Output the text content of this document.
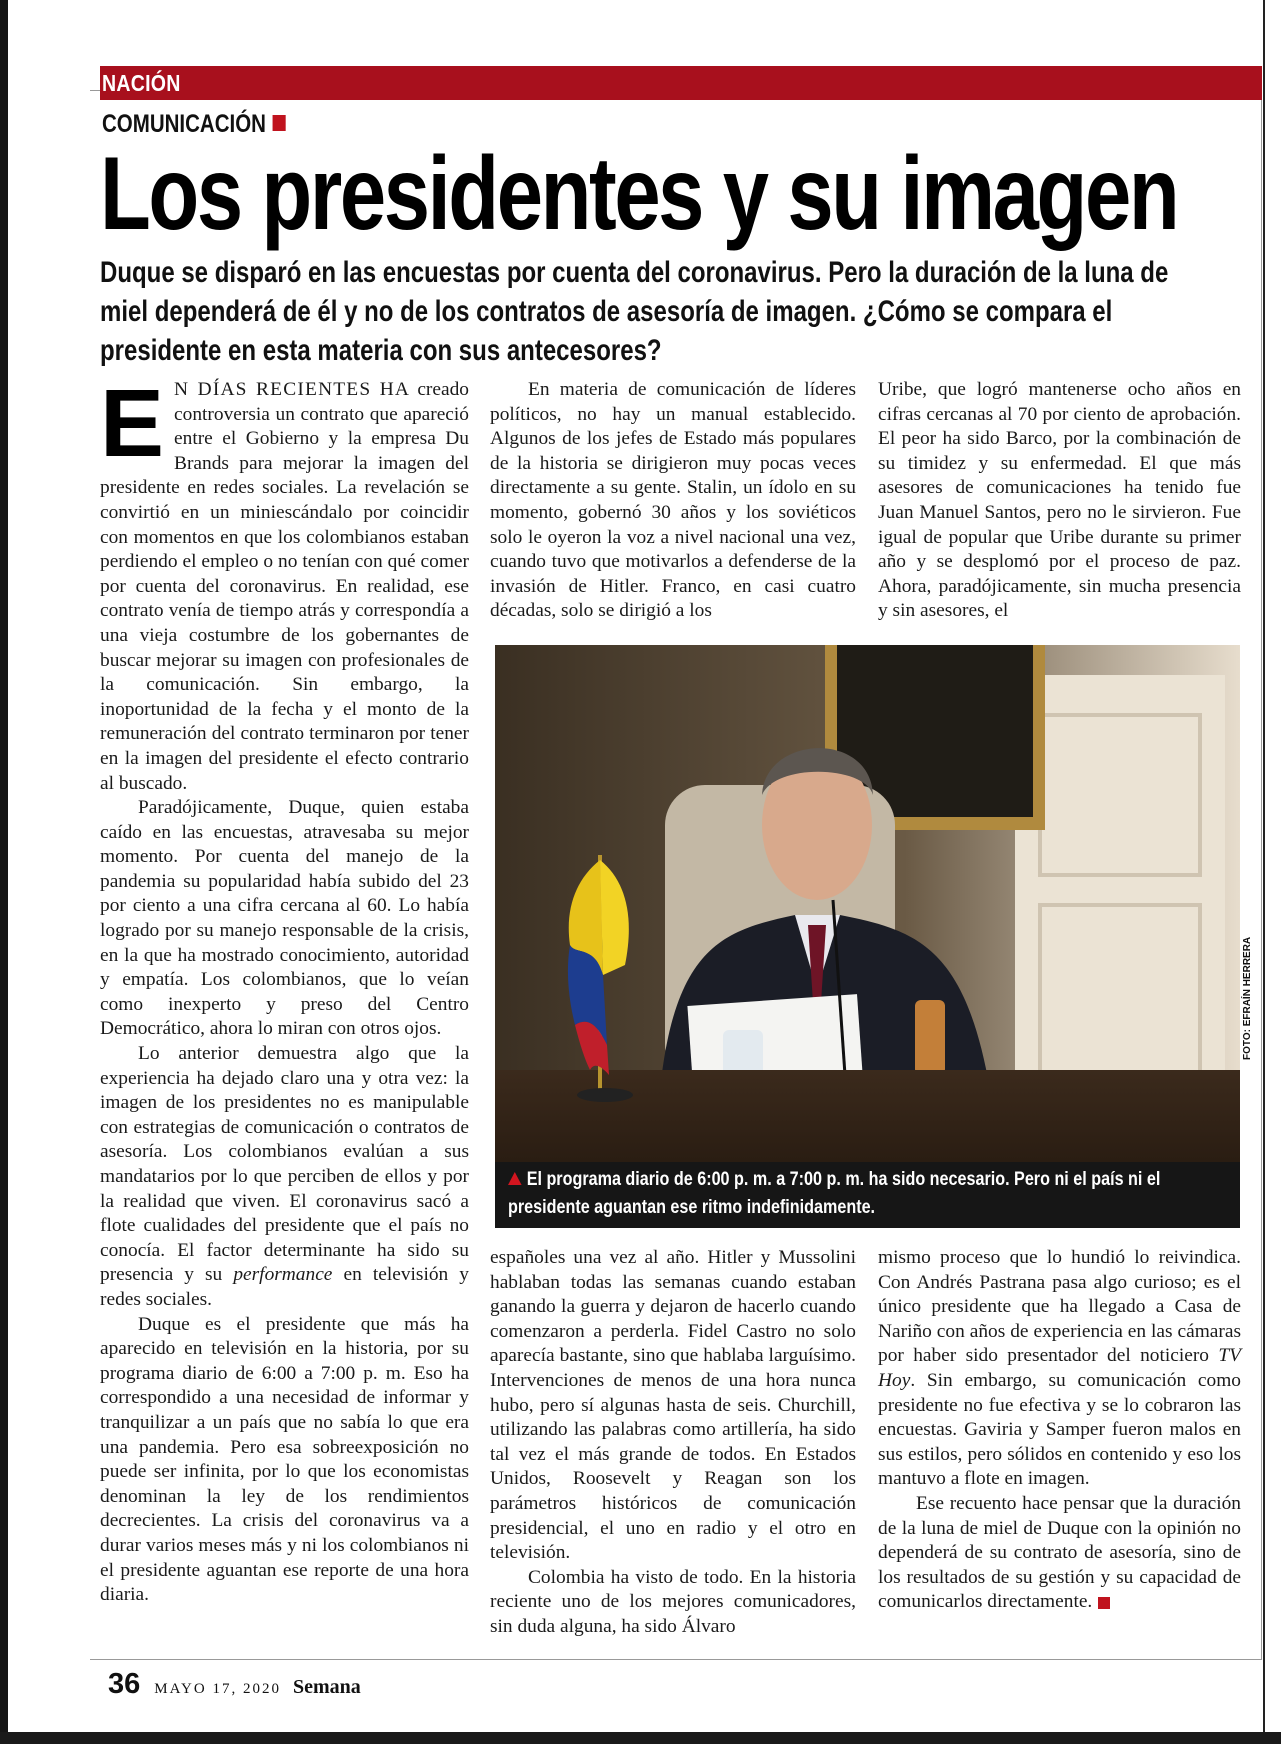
NACIÓN
COMUNICACIÓN
Los presidentes y su imagen
Duque se disparó en las encuestas por cuenta del coronavirus. Pero la duración de la luna de miel dependerá de él y no de los contratos de asesoría de imagen. ¿Cómo se compara el presidente en esta materia con sus antecesores?

E N DÍAS RECIENTES HA creado controversia un contrato que apareció entre el Gobierno y la empresa Du Brands para mejorar la imagen del presidente en redes sociales. La revelación se convirtió en un miniescándalo por coincidir con momentos en que los colombianos estaban perdiendo el empleo o no tenían con qué comer por cuenta del coronavirus. En realidad, ese contrato venía de tiempo atrás y correspondía a una vieja costumbre de los gobernantes de buscar mejorar su imagen con profesionales de la comunicación. Sin embargo, la inoportunidad de la fecha y el monto de la remuneración del contrato terminaron por tener en la imagen del presidente el efecto contrario al buscado.

Paradójicamente, Duque, quien estaba caído en las encuestas, atravesaba su mejor momento. Por cuenta del manejo de la pandemia su popularidad había subido del 23 por ciento a una cifra cercana al 60. Lo había logrado por su manejo responsable de la crisis, en la que ha mostrado conocimiento, autoridad y empatía. Los colombianos, que lo veían como inexperto y preso del Centro Democrático, ahora lo miran con otros ojos.

Lo anterior demuestra algo que la experiencia ha dejado claro una y otra vez: la imagen de los presidentes no es manipulable con estrategias de comunicación o contratos de asesoría. Los colombianos evalúan a sus mandatarios por lo que perciben de ellos y por la realidad que viven. El coronavirus sacó a flote cualidades del presidente que el país no conocía. El factor determinante ha sido su presencia y su performance en televisión y redes sociales.

Duque es el presidente que más ha aparecido en televisión en la historia, por su programa diario de 6:00 a 7:00 p. m. Eso ha correspondido a una necesidad de informar y tranquilizar a un país que no sabía lo que era una pandemia. Pero esa sobreexposición no puede ser infinita, por lo que los economistas denominan la ley de los rendimientos decrecientes. La crisis del coronavirus va a durar varios meses más y ni los colombianos ni el presidente aguantan ese reporte de una hora diaria.

En materia de comunicación de líderes políticos, no hay un manual establecido. Algunos de los jefes de Estado más populares de la historia se dirigieron muy pocas veces directamente a su gente. Stalin, un ídolo en su momento, gobernó 30 años y los soviéticos solo le oyeron la voz a nivel nacional una vez, cuando tuvo que motivarlos a defenderse de la invasión de Hitler. Franco, en casi cuatro décadas, solo se dirigió a los

Uribe, que logró mantenerse ocho años en cifras cercanas al 70 por ciento de aprobación. El peor ha sido Barco, por la combinación de su timidez y su enfermedad. El que más asesores de comunicaciones ha tenido fue Juan Manuel Santos, pero no le sirvieron. Fue igual de popular que Uribe durante su primer año y se desplomó por el proceso de paz. Ahora, paradójicamente, sin mucha presencia y sin asesores, el

El programa diario de 6:00 p. m. a 7:00 p. m. ha sido necesario. Pero ni el país ni el presidente aguantan ese ritmo indefinidamente.
FOTO: EFRAÍN HERRERA

españoles una vez al año. Hitler y Mussolini hablaban todas las semanas cuando estaban ganando la guerra y dejaron de hacerlo cuando comenzaron a perderla. Fidel Castro no solo aparecía bastante, sino que hablaba larguísimo. Intervenciones de menos de una hora nunca hubo, pero sí algunas hasta de seis. Churchill, utilizando las palabras como artillería, ha sido tal vez el más grande de todos. En Estados Unidos, Roosevelt y Reagan son los parámetros históricos de comunicación presidencial, el uno en radio y el otro en televisión.

Colombia ha visto de todo. En la historia reciente uno de los mejores comunicadores, sin duda alguna, ha sido Álvaro

mismo proceso que lo hundió lo reivindica. Con Andrés Pastrana pasa algo curioso; es el único presidente que ha llegado a Casa de Nariño con años de experiencia en las cámaras por haber sido presentador del noticiero TV Hoy. Sin embargo, su comunicación como presidente no fue efectiva y se lo cobraron las encuestas. Gaviria y Samper fueron malos en sus estilos, pero sólidos en contenido y eso los mantuvo a flote en imagen.

Ese recuento hace pensar que la duración de la luna de miel de Duque con la opinión no dependerá de su contrato de asesoría, sino de los resultados de su gestión y su capacidad de comunicarlos directamente.

36 MAYO 17, 2020 Semana
